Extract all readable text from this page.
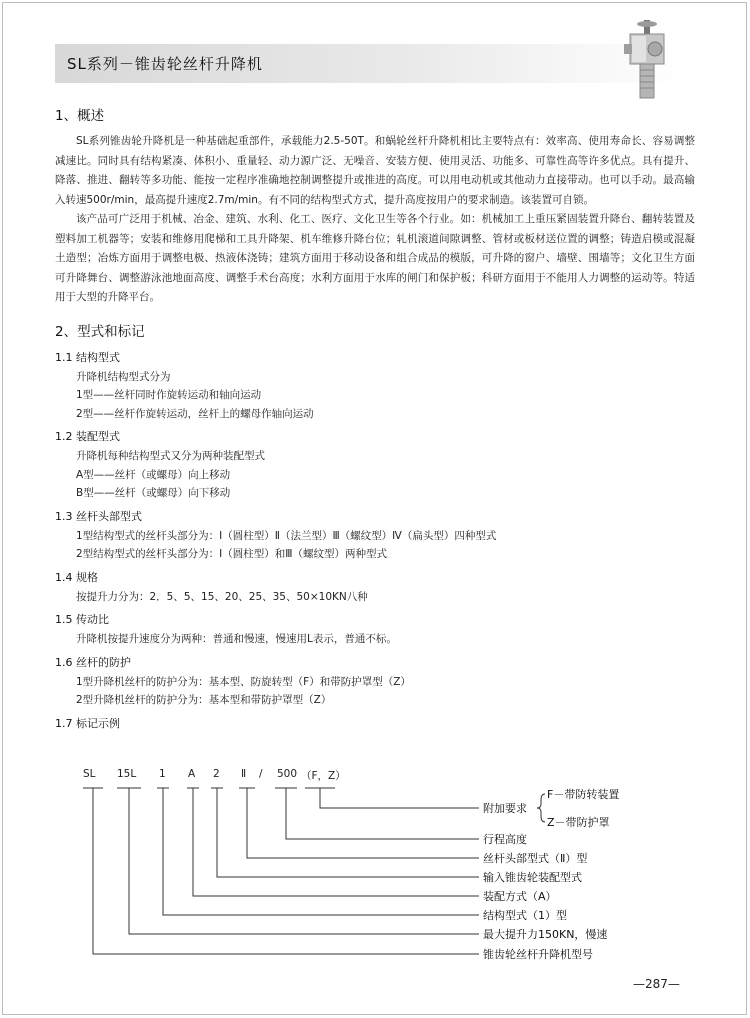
SL系列－锥齿轮丝杆升降机
1、概述

SL系列锥齿轮升降机是一种基础起重部件，承载能力2.5-50T。和蜗轮丝杆升降机相比主要特点有：效率高、使用寿命长、容易调整减速比。同时具有结构紧凑、体积小、重量轻、动力源广泛、无噪音、安装方便、使用灵活、功能多、可靠性高等许多优点。具有提升、降落、推进、翻转等多功能、能按一定程序准确地控制调整提升或推进的高度。可以用电动机或其他动力直接带动。也可以手动。最高输入转速500r/min，最高提升速度2.7m/min。有不同的结构型式方式，提升高度按用户的要求制造。该装置可自锁。

该产品可广泛用于机械、冶金、建筑、水利、化工、医疗、文化卫生等各个行业。如：机械加工上重压紧固装置升降台、翻转装置及塑料加工机器等；安装和维修用爬梯和工具升降架、机车维修升降台位；轧机滚道间隙调整、管材或板材送位置的调整；铸造启模或混凝土造型；冶炼方面用于调整电极、热液体浇铸；建筑方面用于移动设备和组合成品的模版，可升降的窗户、墙壁、围墙等；文化卫生方面可升降舞台、调整游泳池地面高度、调整手术台高度；水利方面用于水库的闸门和保护板；科研方面用于不能用人力调整的运动等。特适用于大型的升降平台。

2、型式和标记

1.1 结构型式

升降机结构型式分为

1型——丝杆同时作旋转运动和轴向运动

2型——丝杆作旋转运动，丝杆上的螺母作轴向运动

1.2 装配型式

升降机每种结构型式又分为两种装配型式

A型——丝杆（或螺母）向上移动

B型——丝杆（或螺母）向下移动

1.3 丝杆头部型式

1型结构型式的丝杆头部分为：Ⅰ（圆柱型）Ⅱ（法兰型）Ⅲ（螺纹型）Ⅳ（扁头型）四种型式

2型结构型式的丝杆头部分为：Ⅰ（圆柱型）和Ⅲ（螺纹型）两种型式

1.4 规格

按提升力分为：2．5、5、15、20、25、35、50×10KN八种

1.5 传动比

升降机按提升速度分为两种：普通和慢速，慢速用L表示，普通不标。

1.6 丝杆的防护

1型升降机丝杆的防护分为：基本型、防旋转型（F）和带防护罩型（Z）

2型升降机丝杆的防护分为：基本型和带防护罩型（Z）

1.7 标记示例

SL 15L 1 A 2 Ⅱ / 500 （F，Z）
附加要求
F－带防转装置
Z－带防护罩
行程高度
丝杆头部型式（Ⅱ）型
输入锥齿轮装配型式
装配方式（A）
结构型式（1）型
最大提升力150KN，慢速
锥齿轮丝杆升降机型号
—287—
